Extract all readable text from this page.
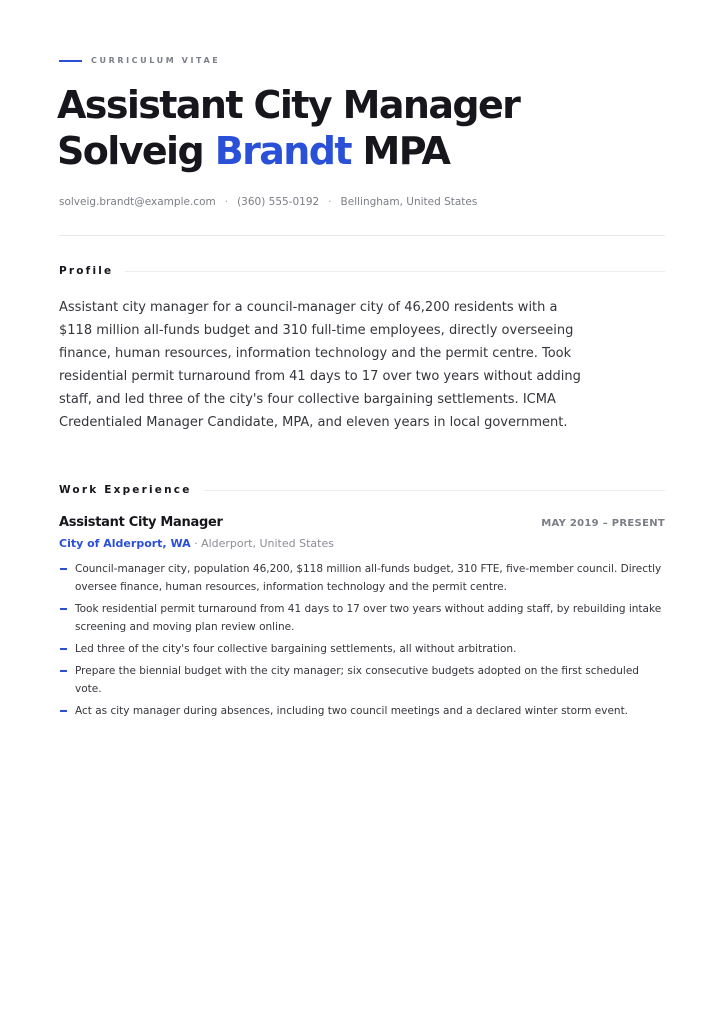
CURRICULUM VITAE
Assistant City Manager
Solveig Brandt MPA
solveig.brandt@example.com · (360) 555-0192 · Bellingham, United States
Profile
Assistant city manager for a council-manager city of 46,200 residents with a $118 million all-funds budget and 310 full-time employees, directly overseeing finance, human resources, information technology and the permit centre. Took residential permit turnaround from 41 days to 17 over two years without adding staff, and led three of the city's four collective bargaining settlements. ICMA Credentialed Manager Candidate, MPA, and eleven years in local government.
Work Experience
Assistant City Manager	MAY 2019 – PRESENT
City of Alderport, WA · Alderport, United States
Council-manager city, population 46,200, $118 million all-funds budget, 310 FTE, five-member council. Directly oversee finance, human resources, information technology and the permit centre.
Took residential permit turnaround from 41 days to 17 over two years without adding staff, by rebuilding intake screening and moving plan review online.
Led three of the city's four collective bargaining settlements, all without arbitration.
Prepare the biennial budget with the city manager; six consecutive budgets adopted on the first scheduled vote.
Act as city manager during absences, including two council meetings and a declared winter storm event.
